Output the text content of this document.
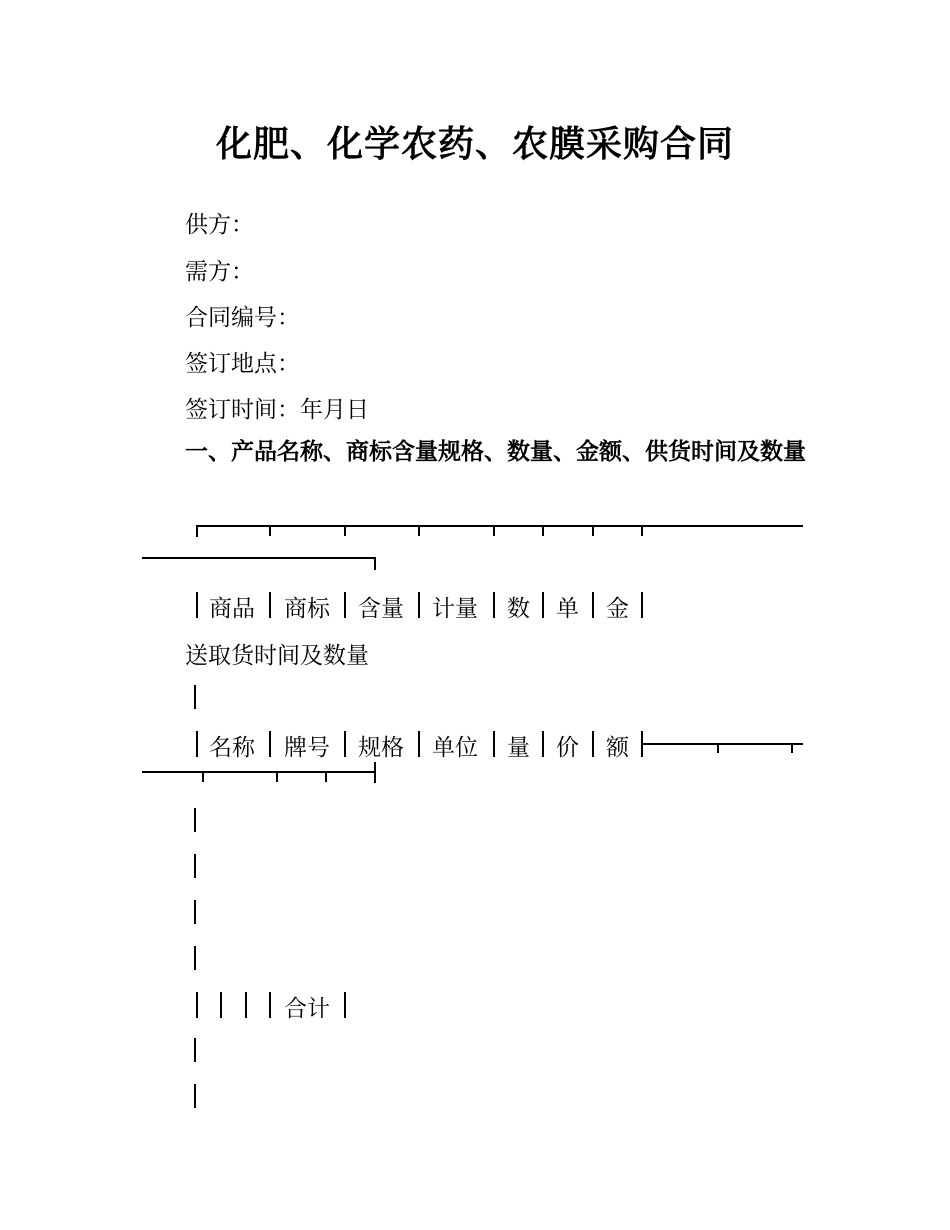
化肥、化学农药、农膜采购合同
供方：
需方：
合同编号：
签订地点：
签订时间：年月日
一、产品名称、商标含量规格、数量、金额、供货时间及数量
商品 商标 含量 计量 数 单 金
送取货时间及数量
名称 牌号 规格 单位 量 价 额
合计
